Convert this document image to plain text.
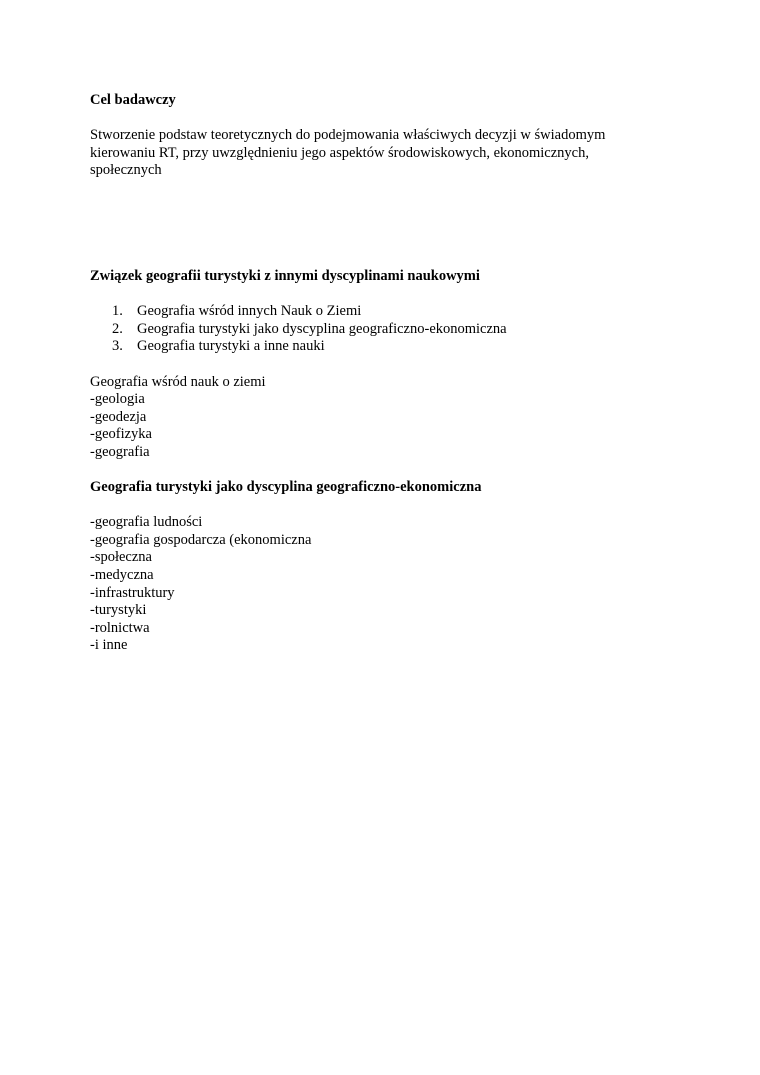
Cel badawczy

Stworzenie podstaw teoretycznych do podejmowania właściwych decyzji w świadomym
kierowaniu RT, przy uwzględnieniu jego aspektów środowiskowych, ekonomicznych,
społecznych

Związek geografii turystyki z innymi dyscyplinami naukowymi

1. Geografia wśród innych Nauk o Ziemi
2. Geografia turystyki jako dyscyplina geograficzno-ekonomiczna
3. Geografia turystyki a inne nauki
Geografia wśród nauk o ziemi
-geologia
-geodezja
-geofizyka
-geografia

Geografia turystyki jako dyscyplina geograficzno-ekonomiczna

-geografia ludności
-geografia gospodarcza (ekonomiczna
-społeczna
-medyczna
-infrastruktury
-turystyki
-rolnictwa
-i inne
